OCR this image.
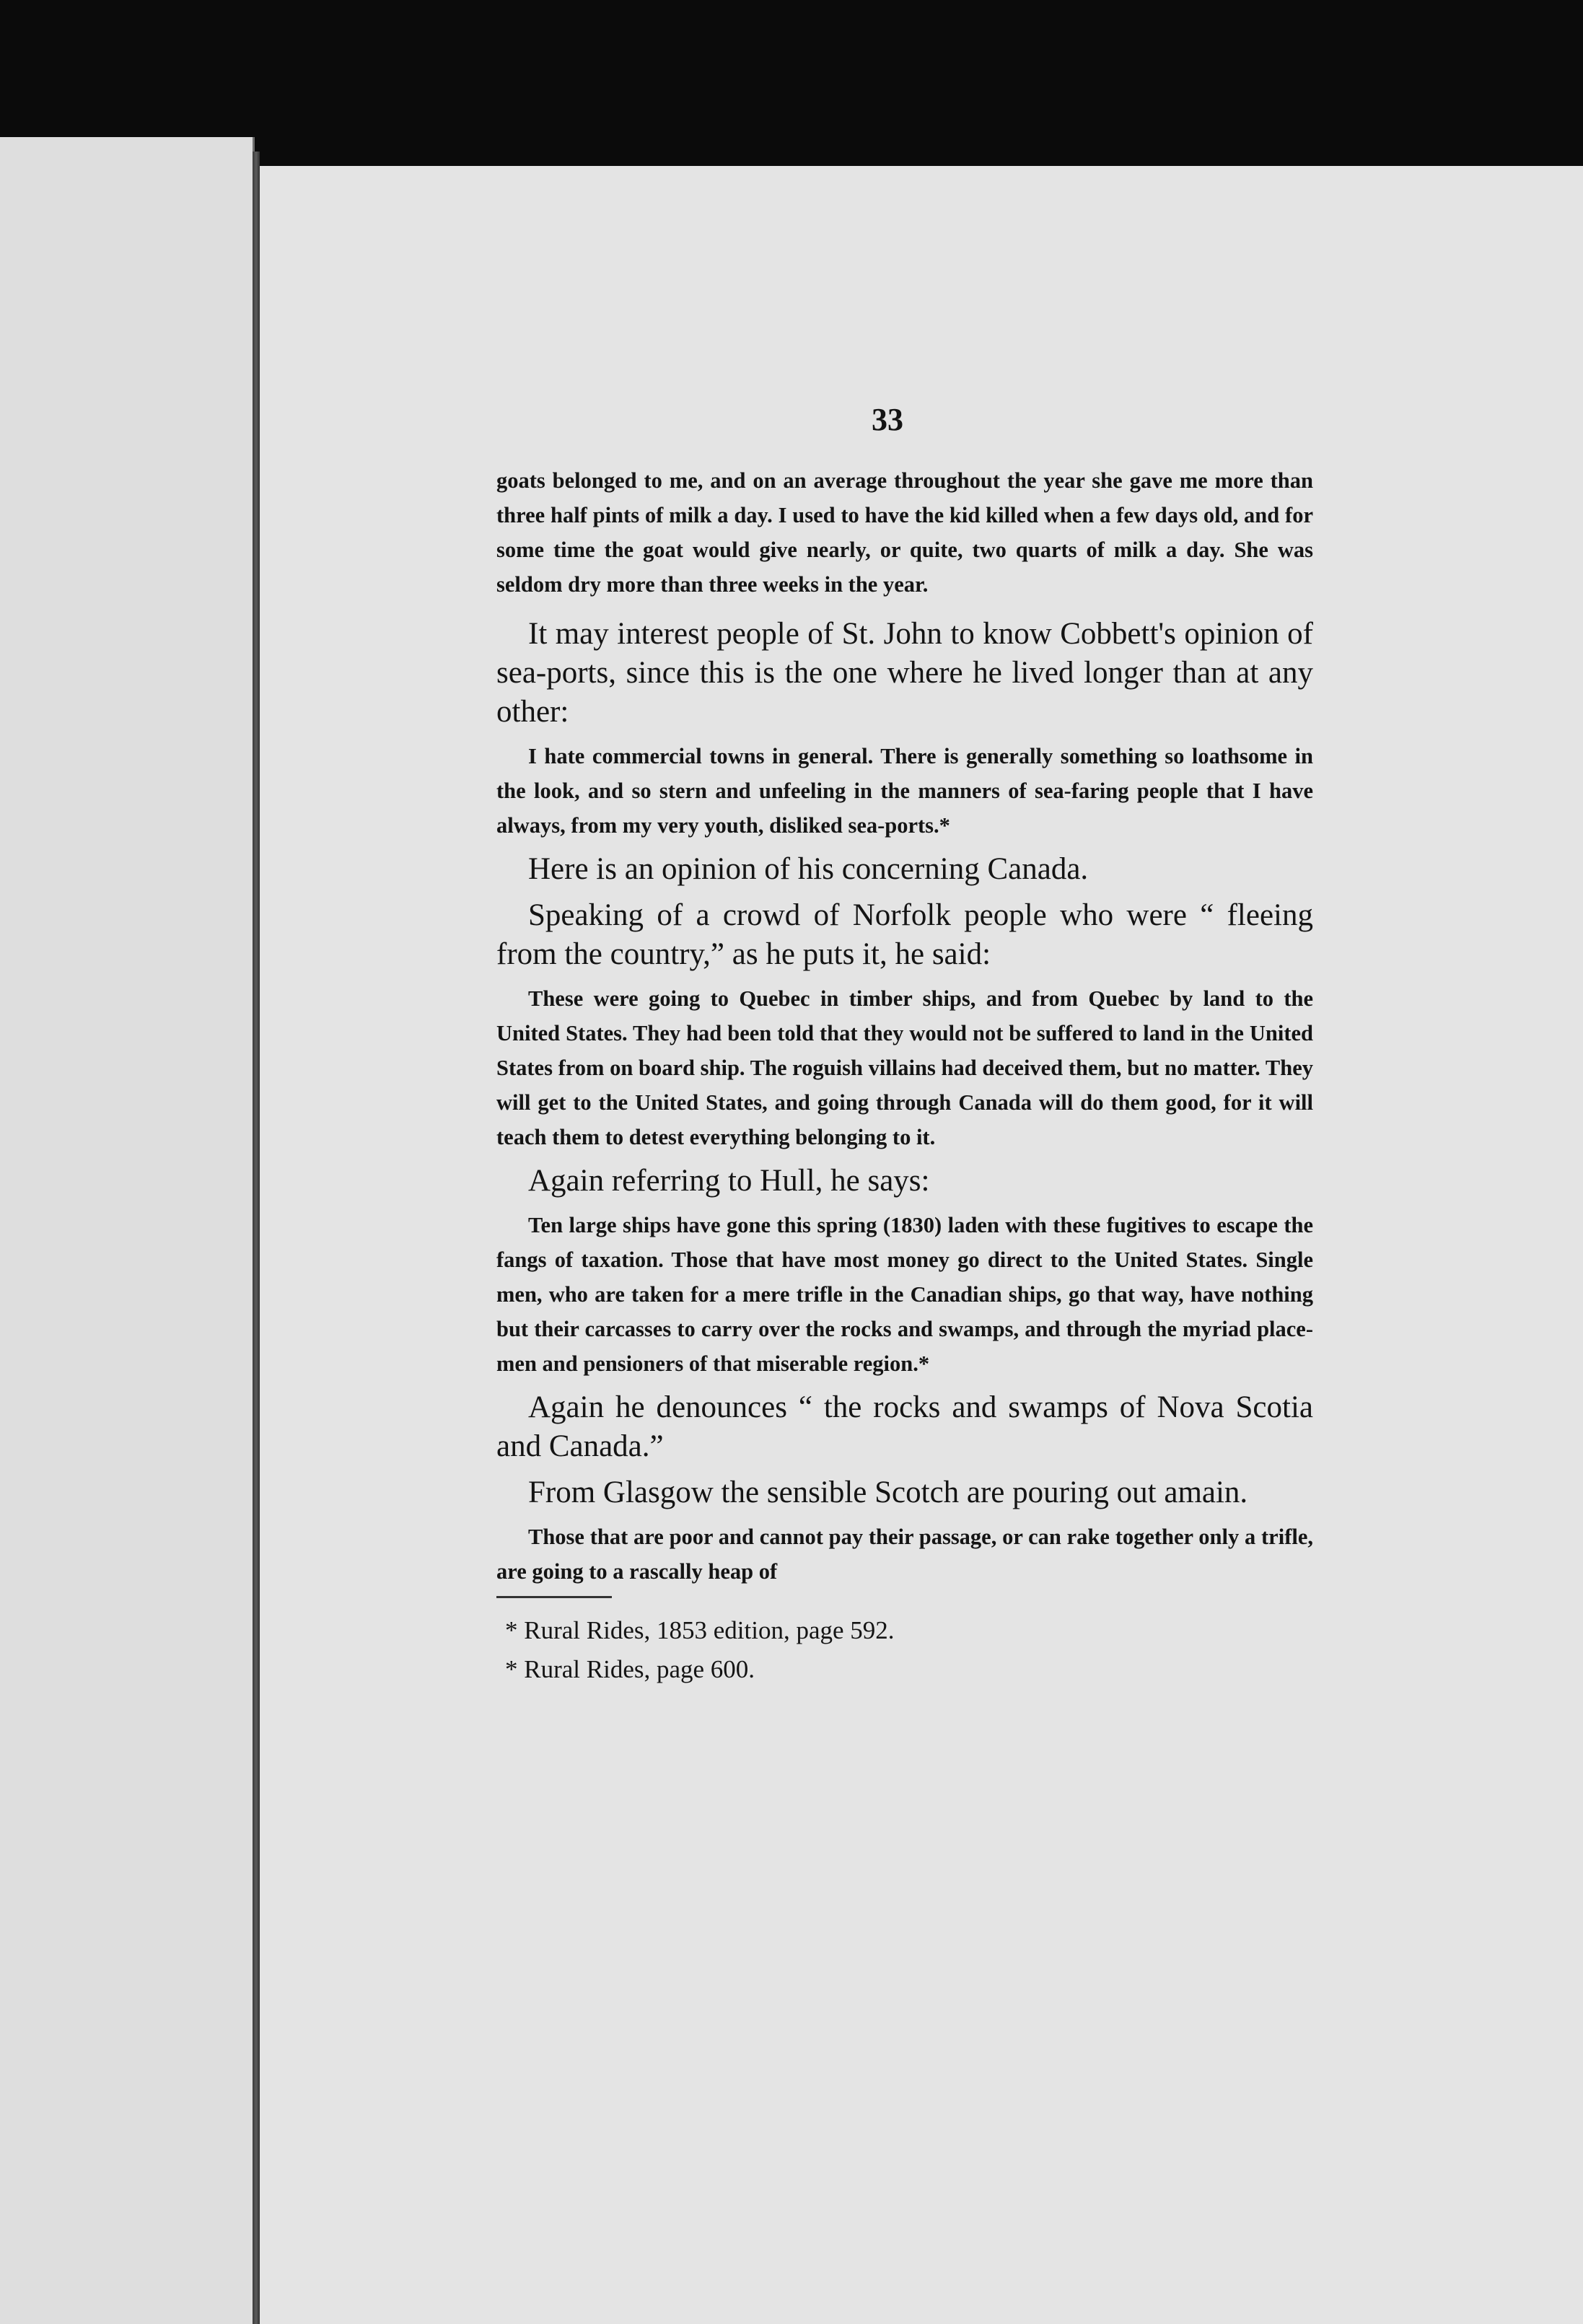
33

goats belonged to me, and on an average throughout the year she gave me more than three half pints of milk a day. I used to have the kid killed when a few days old, and for some time the goat would give nearly, or quite, two quarts of milk a day. She was seldom dry more than three weeks in the year.

It may interest people of St. John to know Cobbett's opinion of sea-ports, since this is the one where he lived longer than at any other:

I hate commercial towns in general. There is generally something so loathsome in the look, and so stern and unfeeling in the manners of sea-faring people that I have always, from my very youth, disliked sea-ports.*

Here is an opinion of his concerning Canada.

Speaking of a crowd of Norfolk people who were “ fleeing from the country,” as he puts it, he said:

These were going to Quebec in timber ships, and from Quebec by land to the United States. They had been told that they would not be suffered to land in the United States from on board ship. The roguish villains had deceived them, but no matter. They will get to the United States, and going through Canada will do them good, for it will teach them to detest everything belonging to it.

Again referring to Hull, he says:

Ten large ships have gone this spring (1830) laden with these fugitives to escape the fangs of taxation. Those that have most money go direct to the United States. Single men, who are taken for a mere trifle in the Canadian ships, go that way, have nothing but their carcasses to carry over the rocks and swamps, and through the myriad place-men and pensioners of that miserable region.*

Again he denounces “ the rocks and swamps of Nova Scotia and Canada.”

From Glasgow the sensible Scotch are pouring out amain.

Those that are poor and cannot pay their passage, or can rake together only a trifle, are going to a rascally heap of

* Rural Rides, 1853 edition, page 592.

* Rural Rides, page 600.
